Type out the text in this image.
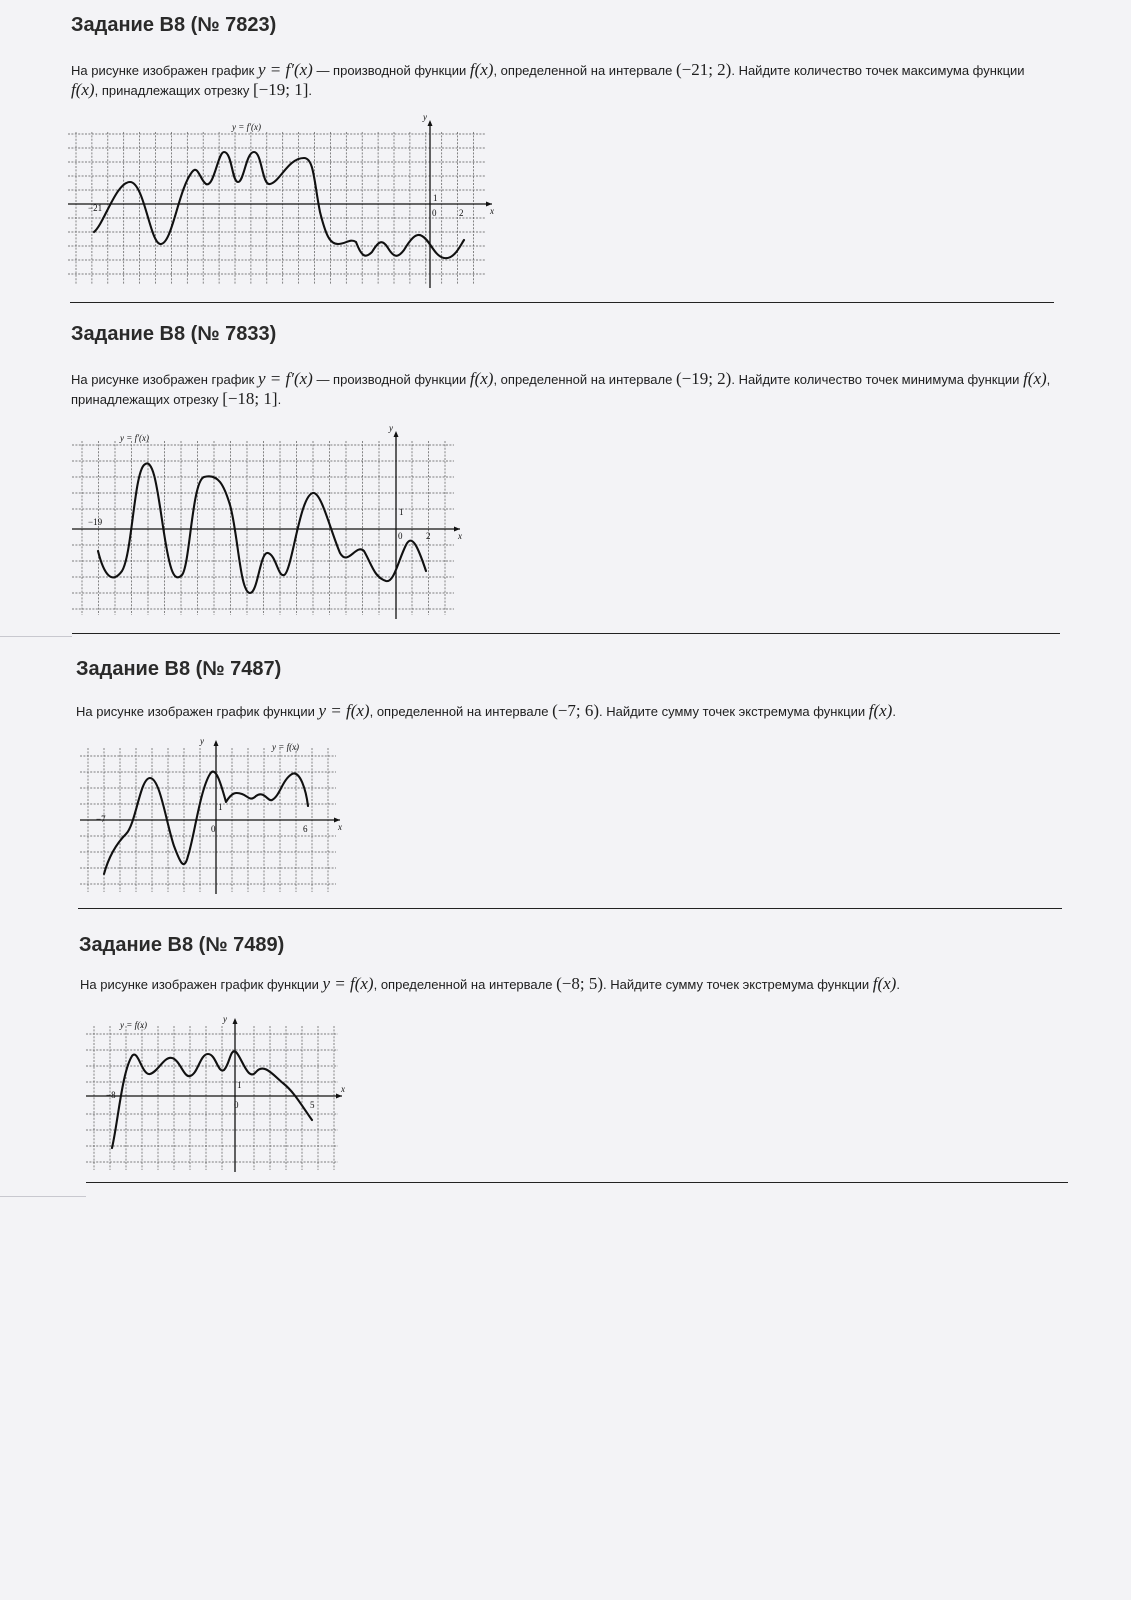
Задание B8 (№ 7823)

На рисунке изображен график y = f′(x) — производной функции f(x), определенной на интервале (−21; 2). Найдите количество точек максимума функции f(x), принадлежащих отрезку [−19; 1].

y = f′(x)
y
x
−21
1
0	2
Задание B8 (№ 7833)

На рисунке изображен график y = f′(x) — производной функции f(x), определенной на интервале (−19; 2). Найдите количество точек минимума функции f(x), принадлежащих отрезку [−18; 1].

y = f′(x)
y
x
−19
1
0	2
Задание B8 (№ 7487)

На рисунке изображен график функции y = f(x), определенной на интервале (−7; 6). Найдите сумму точек экстремума функции f(x).

y = f(x)
y
x
−7
1
0	6
Задание B8 (№ 7489)

На рисунке изображен график функции y = f(x), определенной на интервале (−8; 5). Найдите сумму точек экстремума функции f(x).

y = f(x)
y
x
−8
1
0	5
